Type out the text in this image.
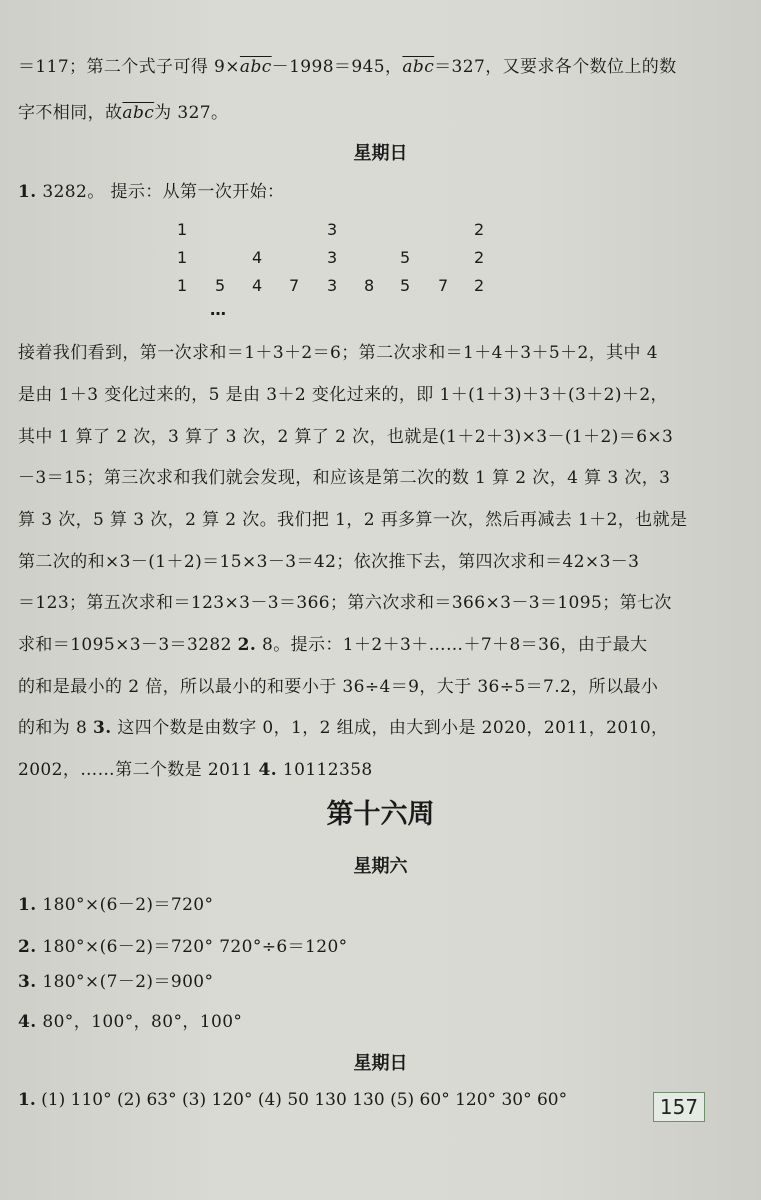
＝117；第二个式子可得 $9\times\overline{abc}-1998=945$，$\overline{abc}=327$，又要求各个数位上的数
字不相同，故$\overline{abc}$为 327。
星期日
1. 3282。 提示：从第一次开始：
1	3	2
1	4	3	5	2
1 5 4 7 3 8 5 7 2
…
接着我们看到，第一次求和＝1＋3＋2＝6；第二次求和＝1＋4＋3＋5＋2，其中 4
是由 1＋3 变化过来的，5 是由 3＋2 变化过来的，即 1＋(1＋3)＋3＋(3＋2)＋2，
其中 1 算了 2 次，3 算了 3 次，2 算了 2 次，也就是(1＋2＋3)×3－(1＋2)＝6×3
－3＝15；第三次求和我们就会发现，和应该是第二次的数 1 算 2 次，4 算 3 次，3
算 3 次，5 算 3 次，2 算 2 次。我们把 1，2 再多算一次，然后再减去 1＋2，也就是
第二次的和×3－(1＋2)＝15×3－3＝42；依次推下去，第四次求和＝42×3－3
＝123；第五次求和＝123×3－3＝366；第六次求和＝366×3－3＝1095；第七次
求和＝1095×3－3＝3282 2. 8。提示：1＋2＋3＋……＋7＋8＝36，由于最大
的和是最小的 2 倍，所以最小的和要小于 36÷4＝9，大于 36÷5＝7.2，所以最小
的和为 8 3. 这四个数是由数字 0，1，2 组成，由大到小是 2020，2011，2010，
2002，……第二个数是 2011 4. 10112358
第十六周
星期六
1. 180°×(6－2)＝720°
2. 180°×(6－2)＝720° 720°÷6＝120°
3. 180°×(7－2)＝900°
4. 80°，100°，80°，100°
星期日
1. (1) 110° (2) 63° (3) 120° (4) 50 130 130 (5) 60° 120° 30° 60°	157
